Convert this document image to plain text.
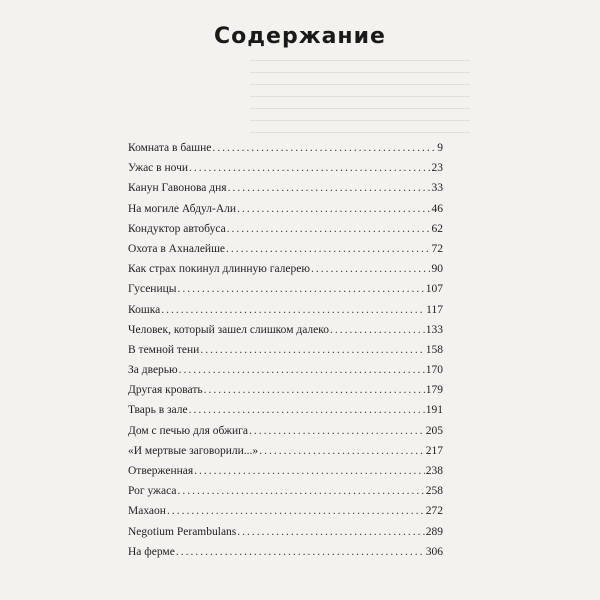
Содержание
Комната в башне .....	9
Ужас в ночи .....	23
Канун Гавонова дня .....	33
На могиле Абдул-Али .....	46
Кондуктор автобуса .....	62
Охота в Ахналейше .....	72
Как страх покинул длинную галерею .....	90
Гусеницы .....	107
Кошка .....	117
Человек, который зашел слишком далеко .....	133
В темной тени .....	158
За дверью .....	170
Другая кровать .....	179
Тварь в зале .....	191
Дом с печью для обжига .....	205
«И мертвые заговорили...» .....	217
Отверженная .....	238
Рог ужаса .....	258
Махаон .....	272
Negotium Perambulans .....	289
На ферме .....	306
